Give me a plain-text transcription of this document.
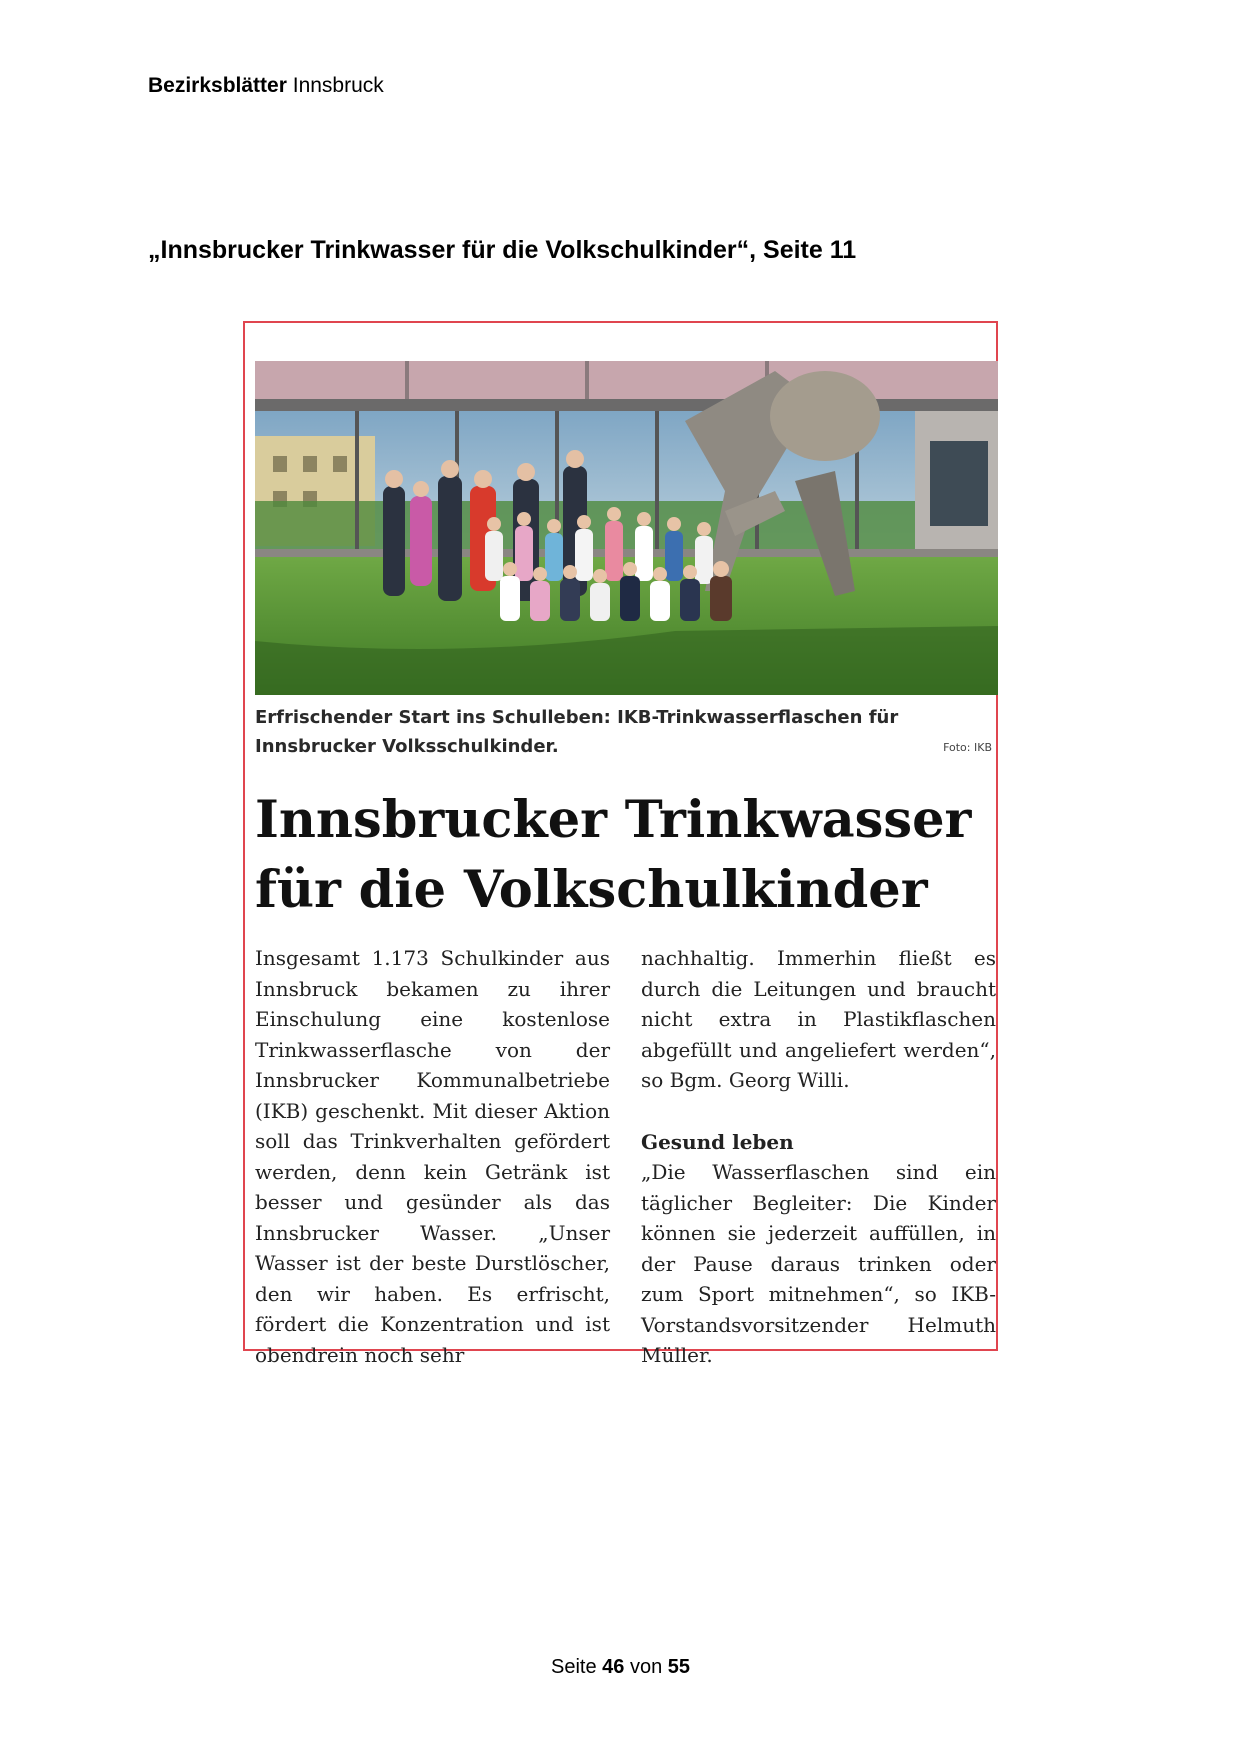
Bezirksblätter Innsbruck
„Innsbrucker Trinkwasser für die Volkschulkinder“, Seite 11
Erfrischender Start ins Schulleben: IKB-Trinkwasserflaschen für Innsbrucker Volksschulkinder.	Foto: IKB
Innsbrucker Trinkwasser
für die Volkschulkinder

Insgesamt 1.173 Schulkinder aus Innsbruck bekamen zu ihrer Einschulung eine kostenlose Trinkwasserflasche von der Innsbrucker Kommunalbetriebe (IKB) geschenkt. Mit dieser Aktion soll das Trinkverhalten gefördert werden, denn kein Getränk ist besser und gesünder als das Innsbrucker Wasser. „Unser Wasser ist der beste Durstlöscher, den wir haben. Es erfrischt, fördert die Konzentration und ist obendrein noch sehr

nachhaltig. Immerhin fließt es durch die Leitungen und braucht nicht extra in Plastikflaschen abgefüllt und angeliefert werden“, so Bgm. Georg Willi.

Gesund leben

„Die Wasserflaschen sind ein täglicher Begleiter: Die Kinder können sie jederzeit auffüllen, in der Pause daraus trinken oder zum Sport mitnehmen“, so IKB-Vorstandsvorsitzender Helmuth Müller.

Seite 46 von 55
